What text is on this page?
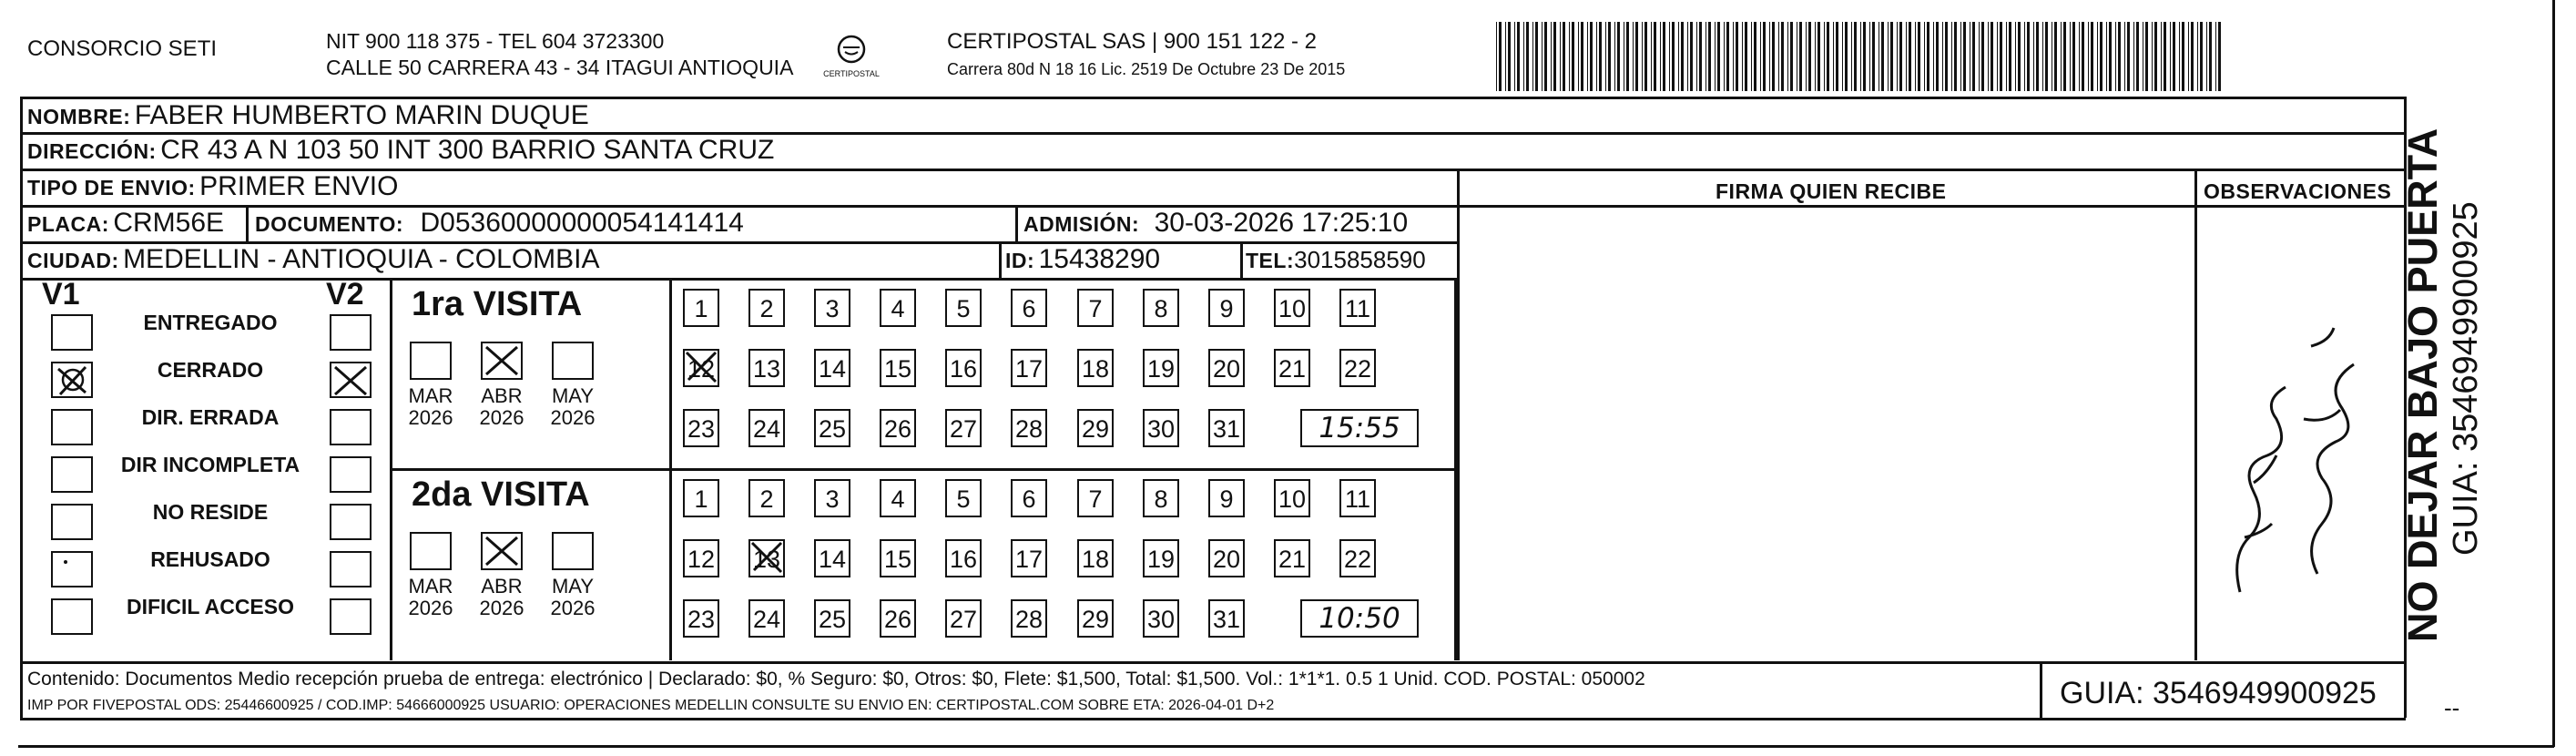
CONSORCIO SETI	NIT 900 118 375 - TEL 604 3723300
CALLE 50 CARRERA 43 - 34 ITAGUI ANTIOQUIA	CERTIPOSTAL
CERTIPOSTAL SAS | 900 151 122 - 2
Carrera 80d N 18 16 Lic. 2519 De Octubre 23 De 2015
NOMBRE: FABER HUMBERTO MARIN DUQUE
DIRECCIÓN: CR 43 A N 103 50 INT 300 BARRIO SANTA CRUZ
TIPO DE ENVIO: PRIMER ENVIO	FIRMA QUIEN RECIBE	OBSERVACIONES
PLACA: CRM56E DOCUMENTO: D05360000000054141414	ADMISIÓN: 30-03-2026 17:25:10
CIUDAD: MEDELLIN - ANTIOQUIA - COLOMBIA	ID: 15438290	TEL:3015858590
V1	V2
ENTREGADO
CERRADO
DIR. ERRADA
DIR INCOMPLETA
NO RESIDE
REHUSADO
DIFICIL ACCESO
1ra VISITA
MAR
2026
ABR
2026
MAY
2026
1	2	3	4	5	6	7	8	9	10 11
12 13 14 15 16 17 18 19 20 21 22
23 24 25 26 27 28 29 30 31	15:55
2da VISITA
MAR
2026
ABR
2026
MAY
2026
1	2	3	4	5	6	7	8	9	10 11
12 13 14 15 16 17 18 19 20 21 22
23 24 25 26 27 28 29 30 31	10:50
Contenido: Documentos Medio recepción prueba de entrega: electrónico | Declarado: $0, % Seguro: $0, Otros: $0, Flete: $1,500, Total: $1,500. Vol.: 1*1*1. 0.5 1 Unid. COD. POSTAL: 050002
IMP POR FIVEPOSTAL ODS: 25446600925 / COD.IMP: 54666000925 USUARIO: OPERACIONES MEDELLIN CONSULTE SU ENVIO EN: CERTIPOSTAL.COM SOBRE ETA: 2026-04-01 D+2	GUIA: 3546949900925
NO DEJAR BAJO PUERTA GUIA: 3546949900925
--
